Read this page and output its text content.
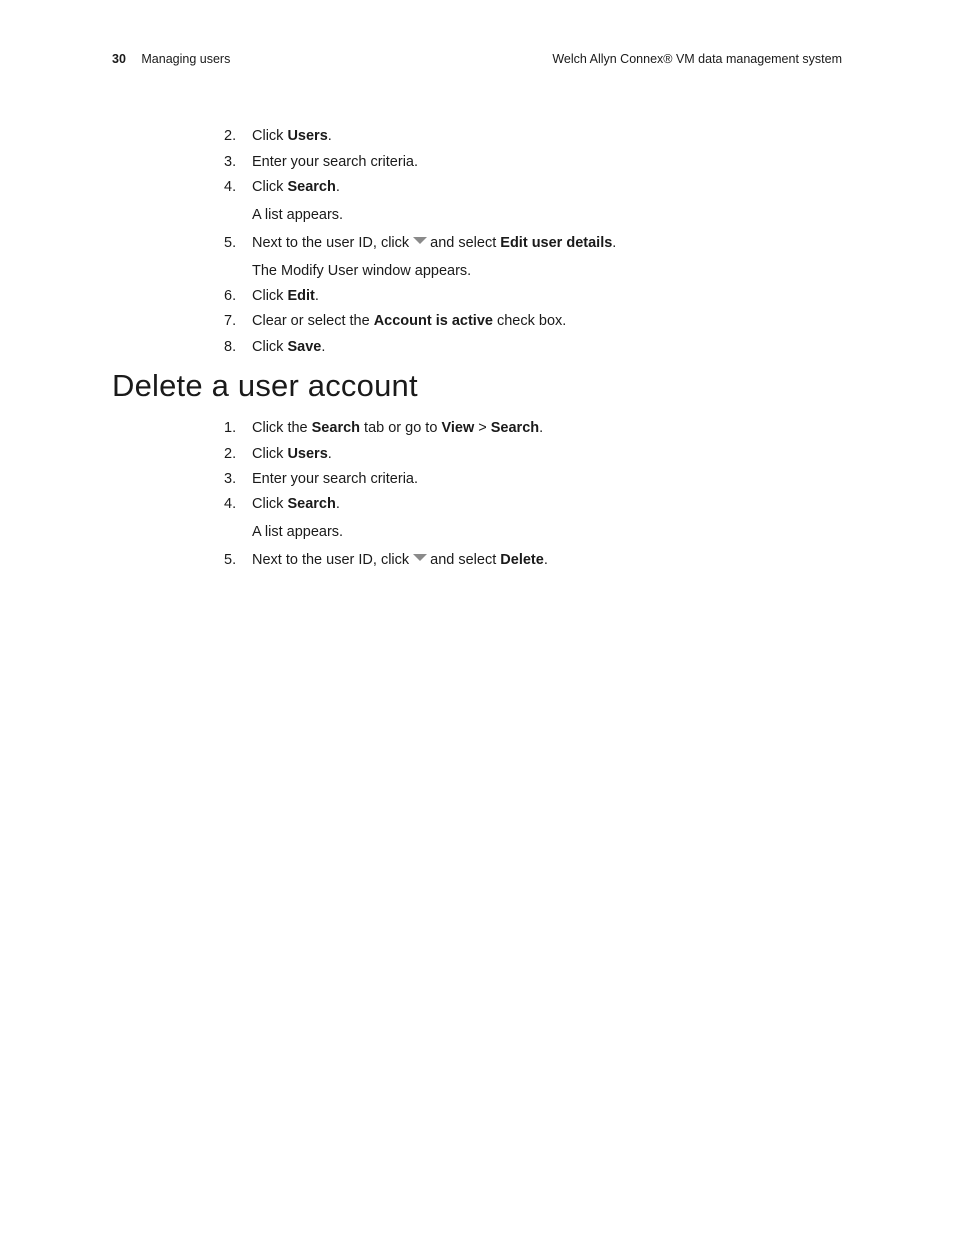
30 Managing users	Welch Allyn Connex® VM data management system
2.	Click Users.
3.	Enter your search criteria.
4.	Click Search.
A list appears.
5.	Next to the user ID, click and select Edit user details.
The Modify User window appears.
6.	Click Edit.
7.	Clear or select the Account is active check box.
8.	Click Save.
Delete a user account
1.	Click the Search tab or go to View > Search.
2.	Click Users.
3.	Enter your search criteria.
4.	Click Search.
A list appears.
5.	Next to the user ID, click and select Delete.
